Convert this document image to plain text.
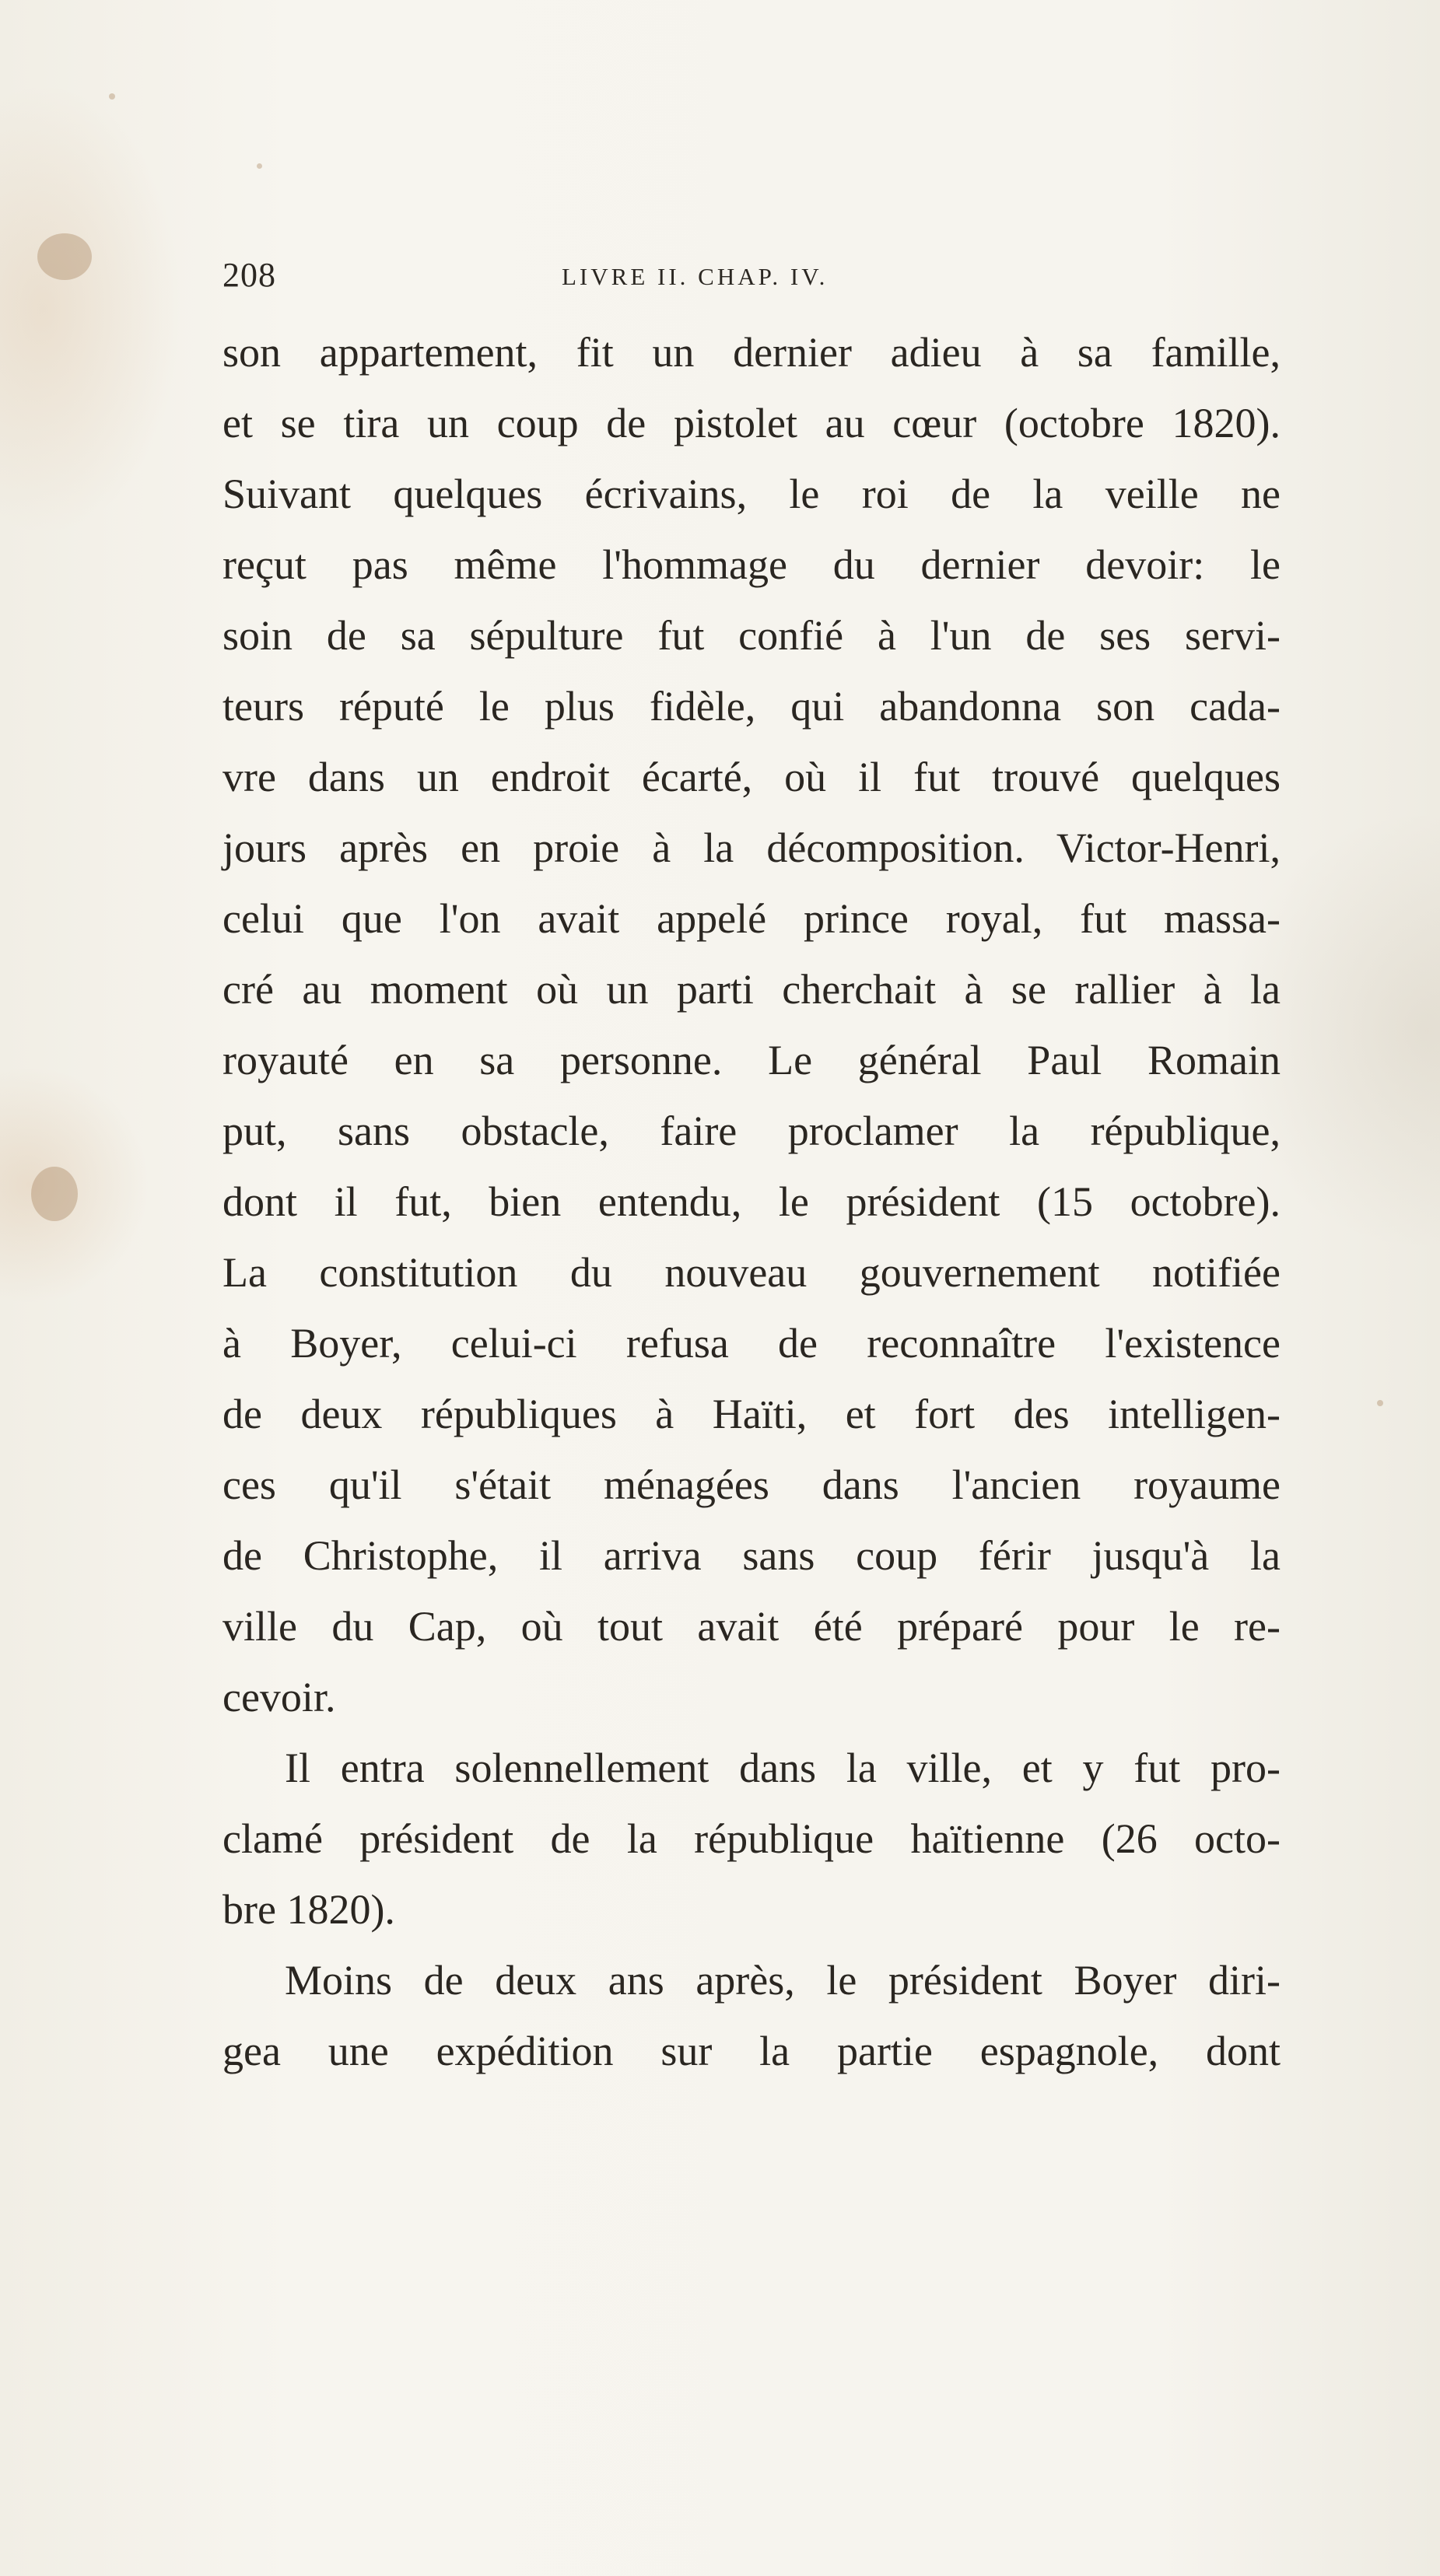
208	LIVRE II. CHAP. IV.
son appartement, fit un dernier adieu à sa famille,
et se tira un coup de pistolet au cœur (octobre 1820).
Suivant quelques écrivains, le roi de la veille ne
reçut pas même l'hommage du dernier devoir: le
soin de sa sépulture fut confié à l'un de ses servi-
teurs réputé le plus fidèle, qui abandonna son cada-
vre dans un endroit écarté, où il fut trouvé quelques
jours après en proie à la décomposition. Victor-Henri,
celui que l'on avait appelé prince royal, fut massa-
cré au moment où un parti cherchait à se rallier à la
royauté en sa personne. Le général Paul Romain
put, sans obstacle, faire proclamer la république,
dont il fut, bien entendu, le président (15 octobre).
La constitution du nouveau gouvernement notifiée
à Boyer, celui-ci refusa de reconnaître l'existence
de deux républiques à Haïti, et fort des intelligen-
ces qu'il s'était ménagées dans l'ancien royaume
de Christophe, il arriva sans coup férir jusqu'à la
ville du Cap, où tout avait été préparé pour le re-
cevoir.
Il entra solennellement dans la ville, et y fut pro-
clamé président de la république haïtienne (26 octo-
bre 1820).
Moins de deux ans après, le président Boyer diri-
gea une expédition sur la partie espagnole, dont
